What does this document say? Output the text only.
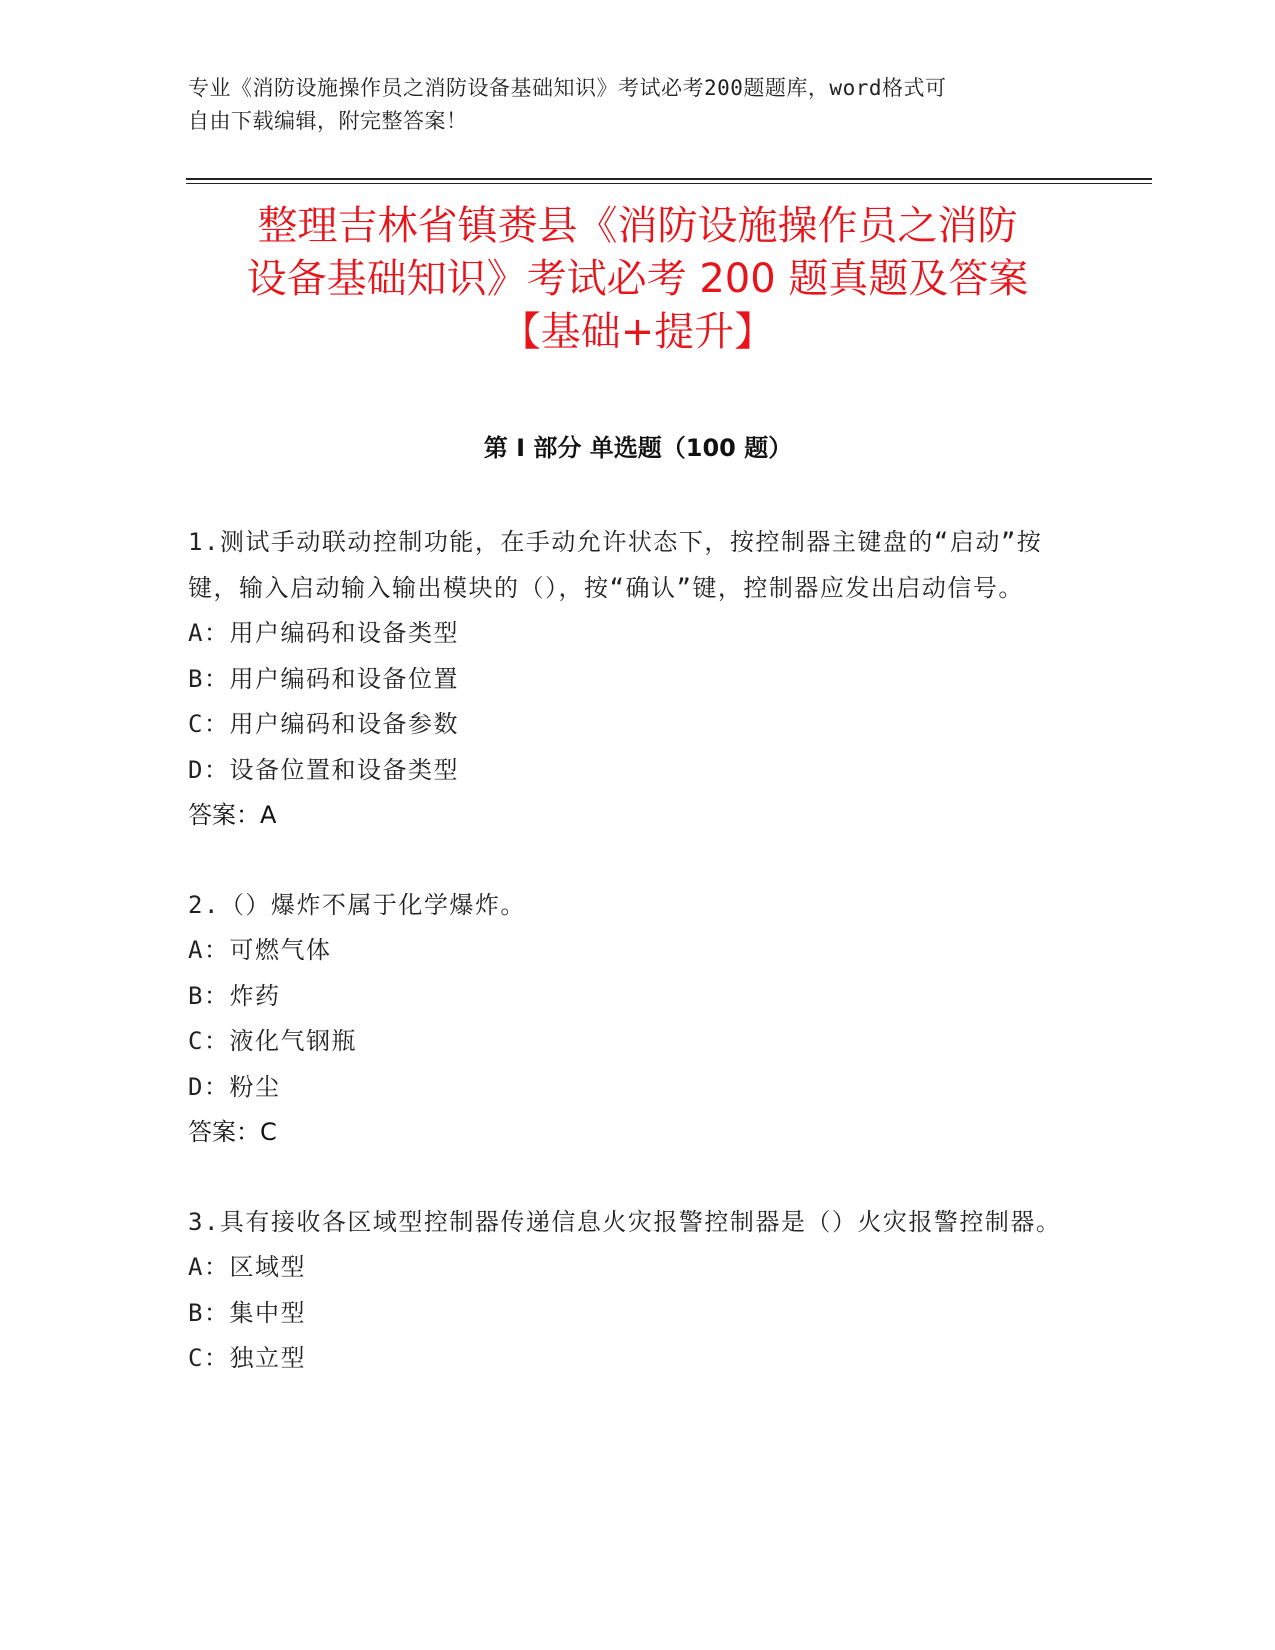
专业《消防设施操作员之消防设备基础知识》考试必考200题题库，word格式可
自由下载编辑，附完整答案！
整理吉林省镇赉县《消防设施操作员之消防
设备基础知识》考试必考 200 题真题及答案
【基础+提升】
第 I 部分 单选题（100 题）

1.测试手动联动控制功能，在手动允许状态下，按控制器主键盘的“启动”按键，输入启动输入输出模块的（），按“确认”键，控制器应发出启动信号。

A：用户编码和设备类型

B：用户编码和设备位置

C：用户编码和设备参数

D：设备位置和设备类型

答案：A

2.（）爆炸不属于化学爆炸。

A：可燃气体

B：炸药

C：液化气钢瓶

D：粉尘

答案：C

3.具有接收各区域型控制器传递信息火灾报警控制器是（）火灾报警控制器。

A：区域型

B：集中型

C：独立型
